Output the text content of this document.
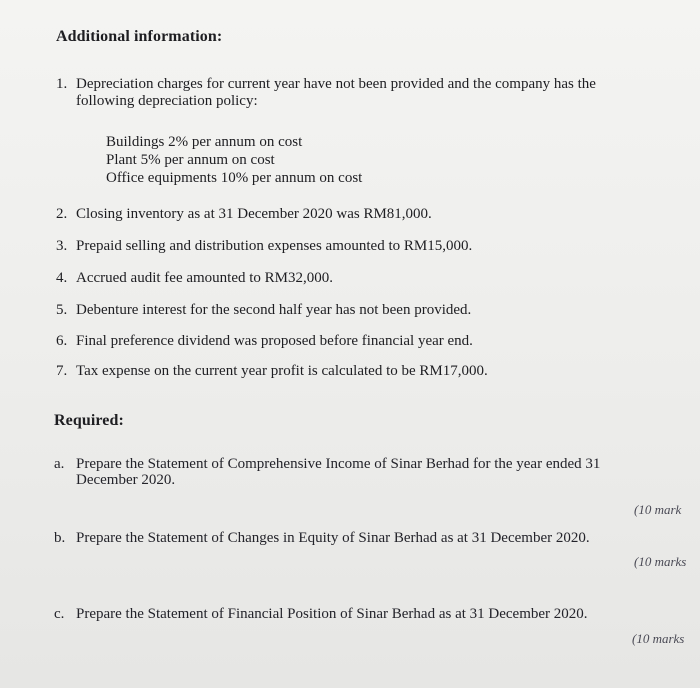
Additional information:
1. Depreciation charges for current year have not been provided and the company has the
following depreciation policy:
Buildings 2% per annum on cost
Plant 5% per annum on cost
Office equipments 10% per annum on cost
2. Closing inventory as at 31 December 2020 was RM81,000.
3. Prepaid selling and distribution expenses amounted to RM15,000.
4. Accrued audit fee amounted to RM32,000.
5. Debenture interest for the second half year has not been provided.
6. Final preference dividend was proposed before financial year end.
7. Tax expense on the current year profit is calculated to be RM17,000.
Required:
a. Prepare the Statement of Comprehensive Income of Sinar Berhad for the year ended 31
December 2020.
(10 mark
b. Prepare the Statement of Changes in Equity of Sinar Berhad as at 31 December 2020.
(10 marks
c. Prepare the Statement of Financial Position of Sinar Berhad as at 31 December 2020.
(10 marks
